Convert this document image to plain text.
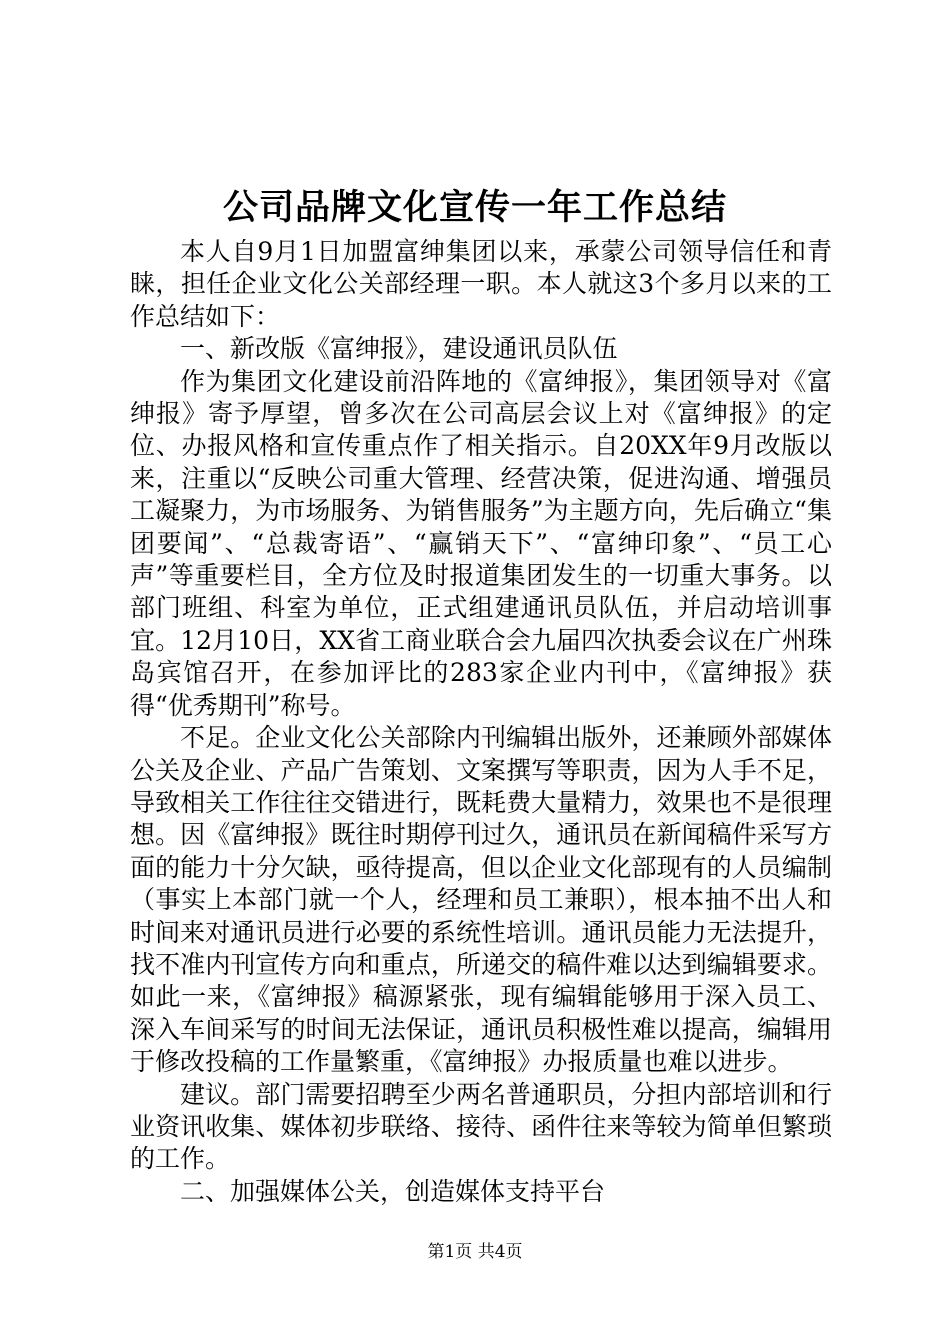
公司品牌文化宣传一年工作总结

本人自9月1日加盟富绅集团以来，承蒙公司领导信任和青睐，担任企业文化公关部经理一职。本人就这3个多月以来的工作总结如下：

一、新改版《富绅报》，建设通讯员队伍

作为集团文化建设前沿阵地的《富绅报》，集团领导对《富绅报》寄予厚望，曾多次在公司高层会议上对《富绅报》的定位、办报风格和宣传重点作了相关指示。自20XX年9月改版以来，注重以“反映公司重大管理、经营决策，促进沟通、增强员工凝聚力，为市场服务、为销售服务”为主题方向，先后确立“集团要闻”、“总裁寄语”、“赢销天下”、“富绅印象”、“员工心声”等重要栏目，全方位及时报道集团发生的一切重大事务。以部门班组、科室为单位，正式组建通讯员队伍，并启动培训事宜。12月10日，XX省工商业联合会九届四次执委会议在广州珠岛宾馆召开，在参加评比的283家企业内刊中，《富绅报》获得“优秀期刊”称号。

不足。企业文化公关部除内刊编辑出版外，还兼顾外部媒体公关及企业、产品广告策划、文案撰写等职责，因为人手不足，导致相关工作往往交错进行，既耗费大量精力，效果也不是很理想。因《富绅报》既往时期停刊过久，通讯员在新闻稿件采写方面的能力十分欠缺，亟待提高，但以企业文化部现有的人员编制（事实上本部门就一个人，经理和员工兼职），根本抽不出人和时间来对通讯员进行必要的系统性培训。通讯员能力无法提升，找不准内刊宣传方向和重点，所递交的稿件难以达到编辑要求。如此一来，《富绅报》稿源紧张，现有编辑能够用于深入员工、深入车间采写的时间无法保证，通讯员积极性难以提高，编辑用于修改投稿的工作量繁重，《富绅报》办报质量也难以进步。

建议。部门需要招聘至少两名普通职员，分担内部培训和行业资讯收集、媒体初步联络、接待、函件往来等较为简单但繁琐的工作。

二、加强媒体公关，创造媒体支持平台

第1页 共4页
